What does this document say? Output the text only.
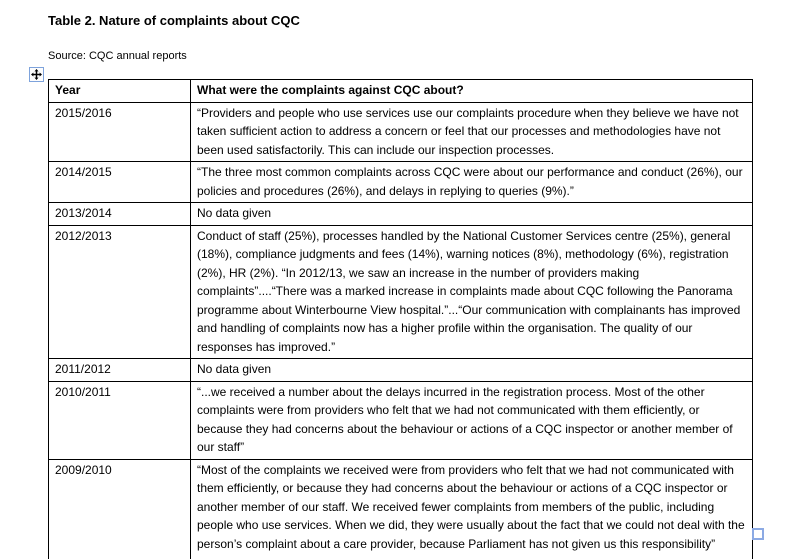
Table 2. Nature of complaints about CQC
Source: CQC annual reports
Year	What were the complaints against CQC about?
2015/2016	“Providers and people who use services use our complaints procedure when they believe we have not taken sufficient action to address a concern or feel that our processes and methodologies have not been used satisfactorily. This can include our inspection processes.
2014/2015	“The three most common complaints across CQC were about our performance and conduct (26%), our policies and procedures (26%), and delays in replying to queries (9%).”
2013/2014	No data given
2012/2013	Conduct of staff (25%), processes handled by the National Customer Services centre (25%), general (18%), compliance judgments and fees (14%), warning notices (8%), methodology (6%), registration (2%), HR (2%). “In 2012/13, we saw an increase in the number of providers making complaints”....“There was a marked increase in complaints made about CQC following the Panorama programme about Winterbourne View hospital.”...“Our communication with complainants has improved and handling of complaints now has a higher profile within the organisation. The quality of our responses has improved.”
2011/2012	No data given
2010/2011	“...we received a number about the delays incurred in the registration process. Most of the other complaints were from providers who felt that we had not communicated with them efficiently, or because they had concerns about the behaviour or actions of a CQC inspector or another member of our staff”
2009/2010	“Most of the complaints we received were from providers who felt that we had not communicated with them efficiently, or because they had concerns about the behaviour or actions of a CQC inspector or another member of our staff. We received fewer complaints from members of the public, including people who use services. When we did, they were usually about the fact that we could not deal with the person’s complaint about a care provider, because Parliament has not given us this responsibility”
